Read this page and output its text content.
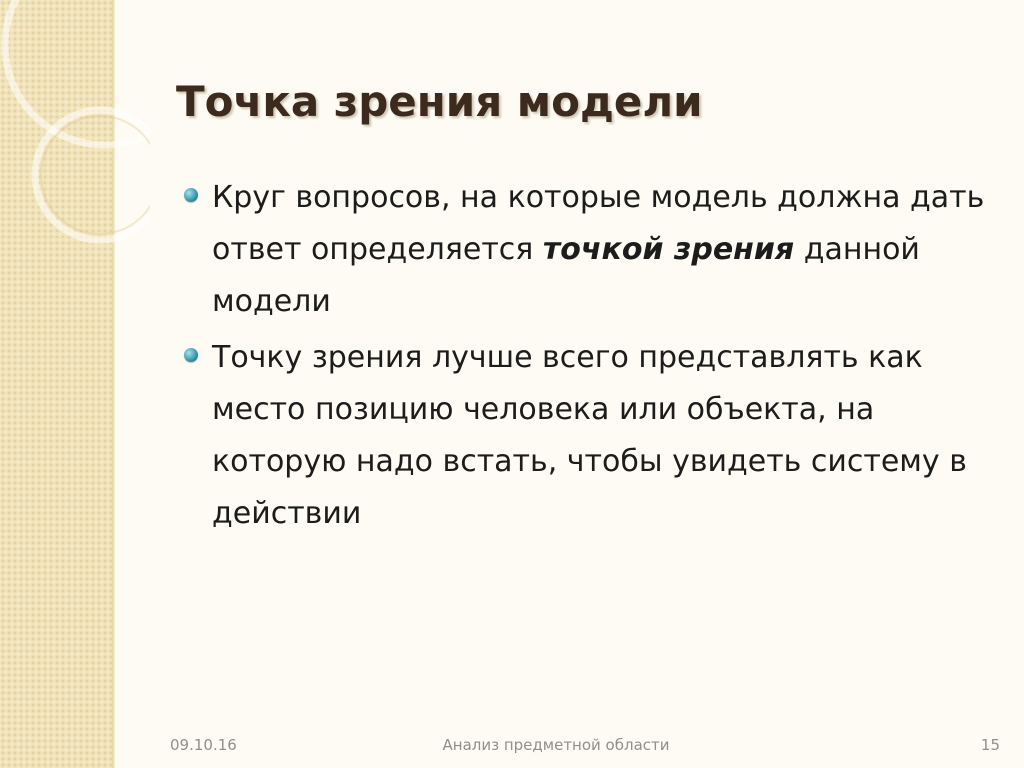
Точка зрения модели
Круг вопросов, на которые модель должна дать ответ определяется точкой зрения данной модели
Точку зрения лучше всего представлять как место позицию человека или объекта, на которую надо встать, чтобы увидеть систему в действии
09.10.16	Анализ предметной области	15
